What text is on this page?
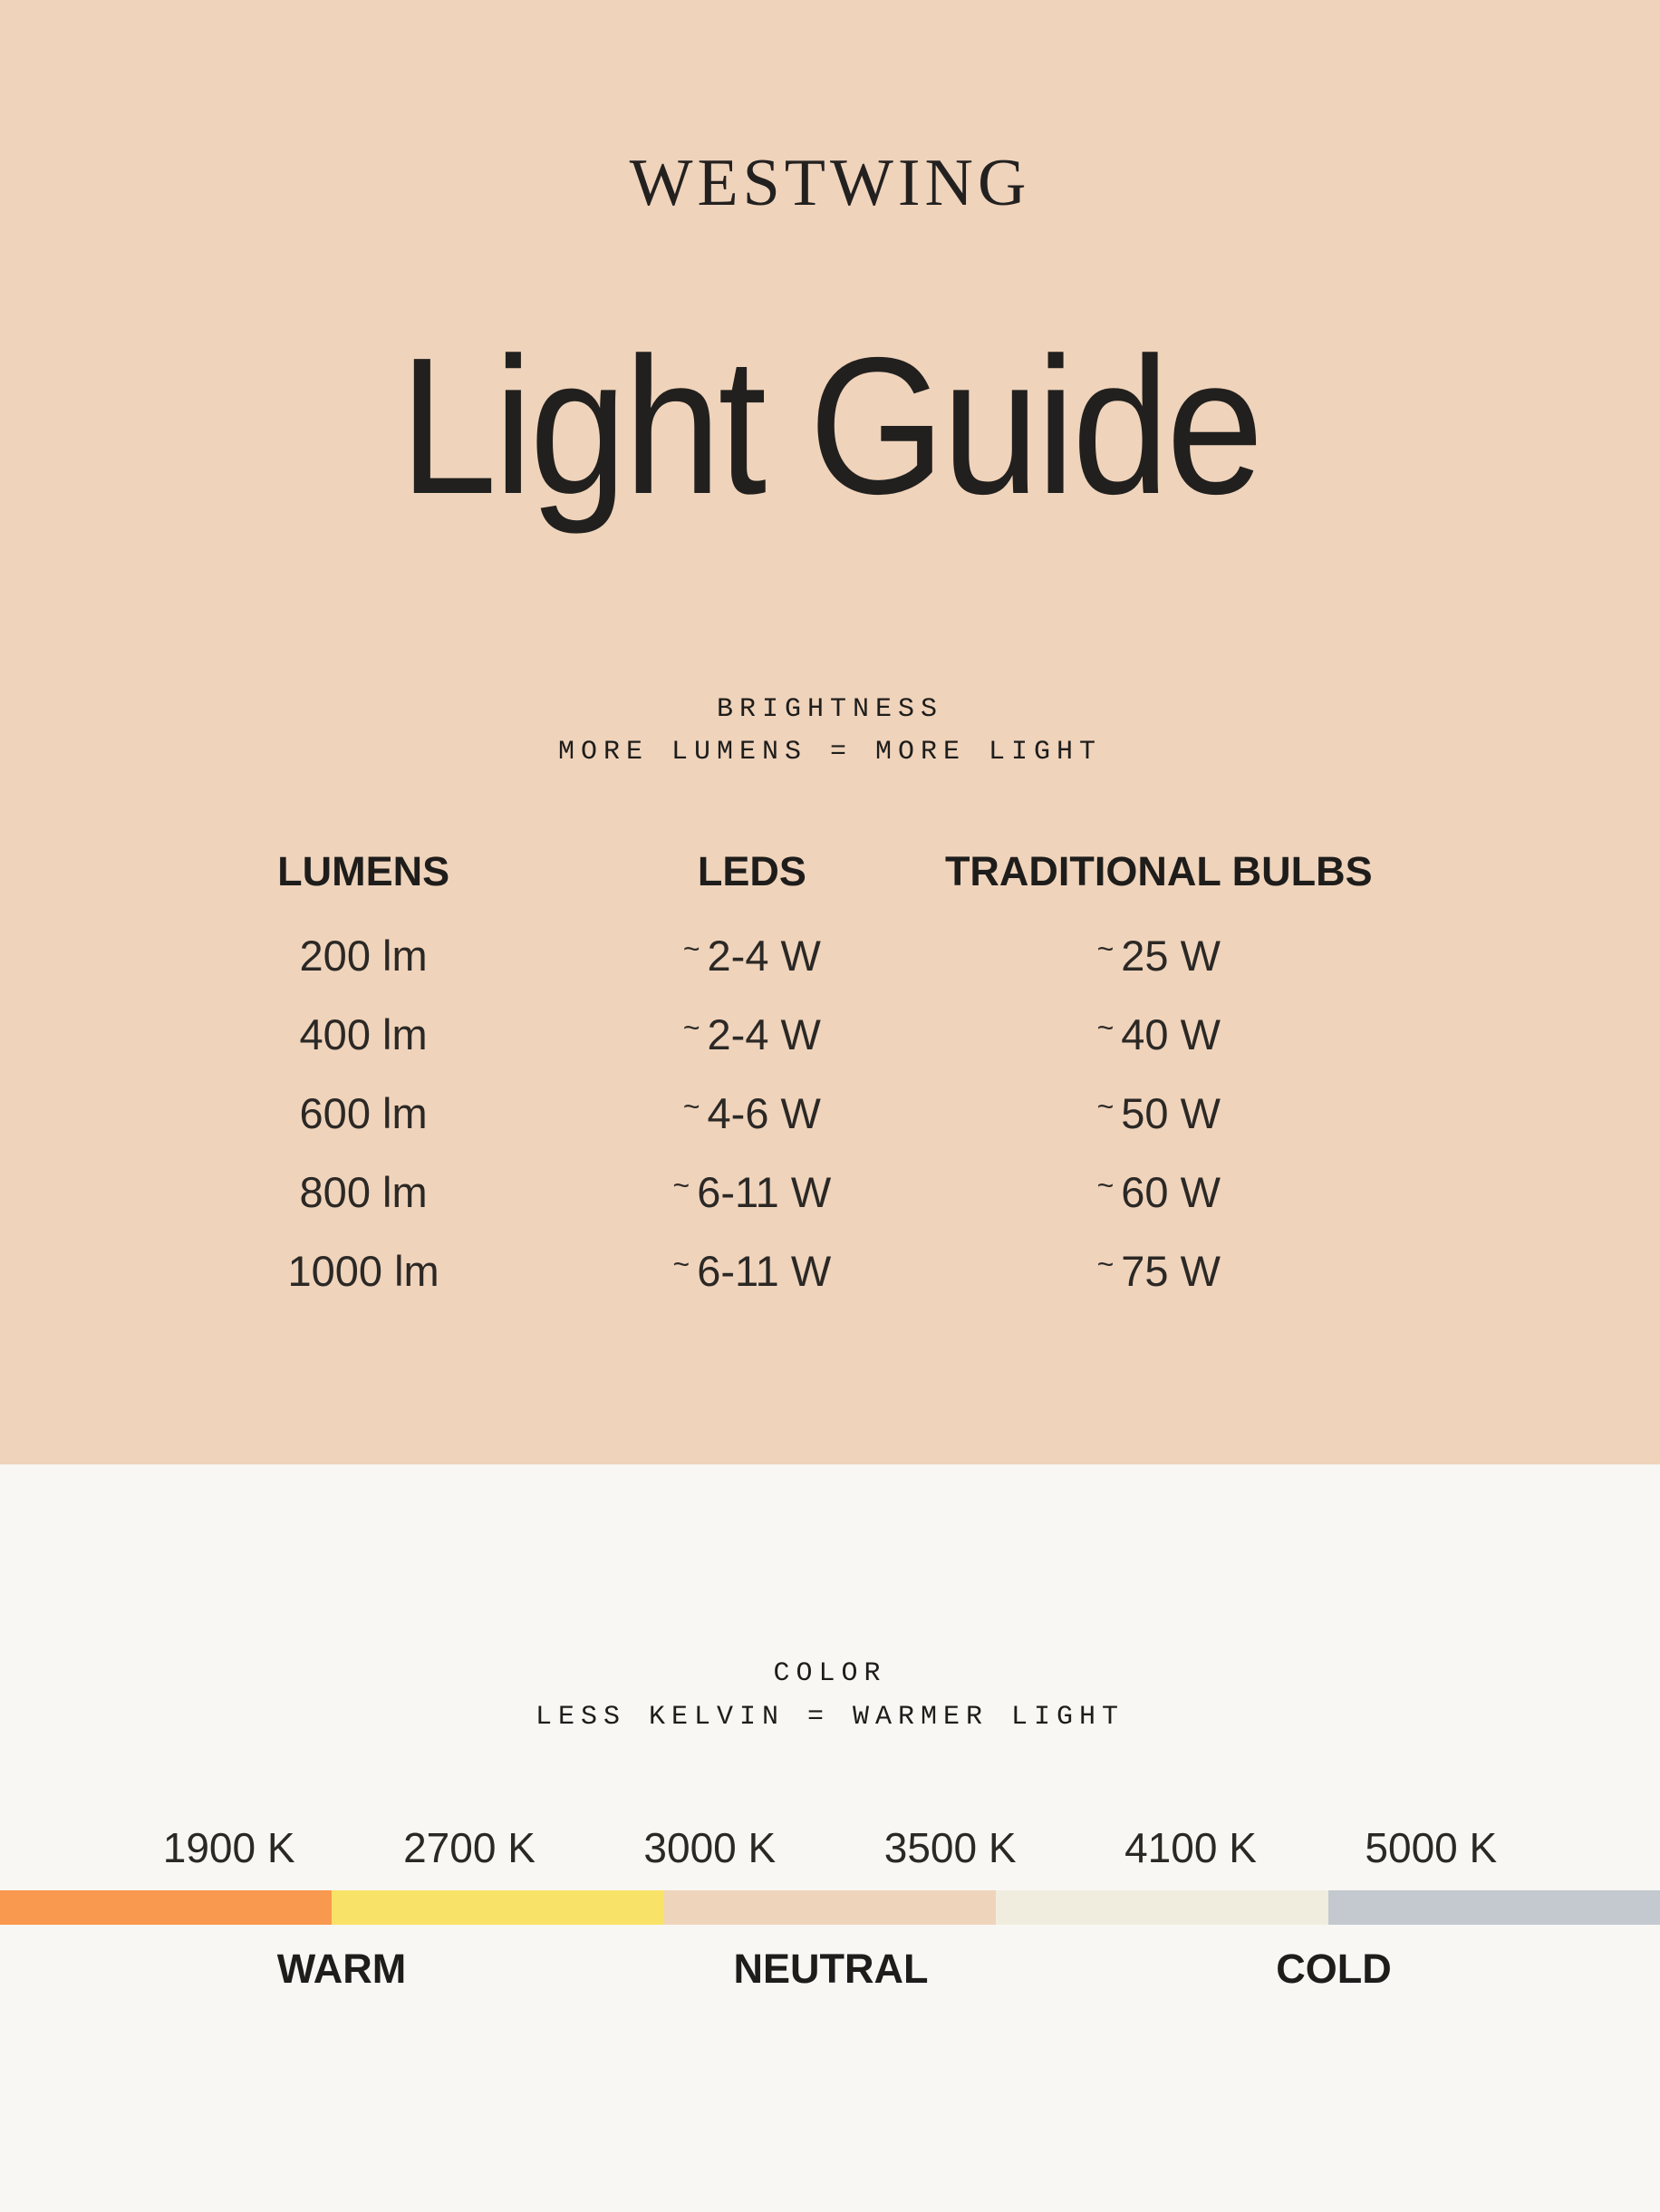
WESTWING
Light Guide
BRIGHTNESS
MORE LUMENS = MORE LIGHT
LUMENS	LEDS	TRADITIONAL BULBS
200 lm	~ 2-4 W	~ 25 W
400 lm	~ 2-4 W	~ 40 W
600 lm	~ 4-6 W	~ 50 W
800 lm	~ 6-11 W	~ 60 W
1000 lm	~ 6-11 W	~ 75 W
COLOR
LESS KELVIN = WARMER LIGHT
1900 K	2700 K	3000 K	3500 K	4100 K	5000 K
WARM	NEUTRAL	COLD
